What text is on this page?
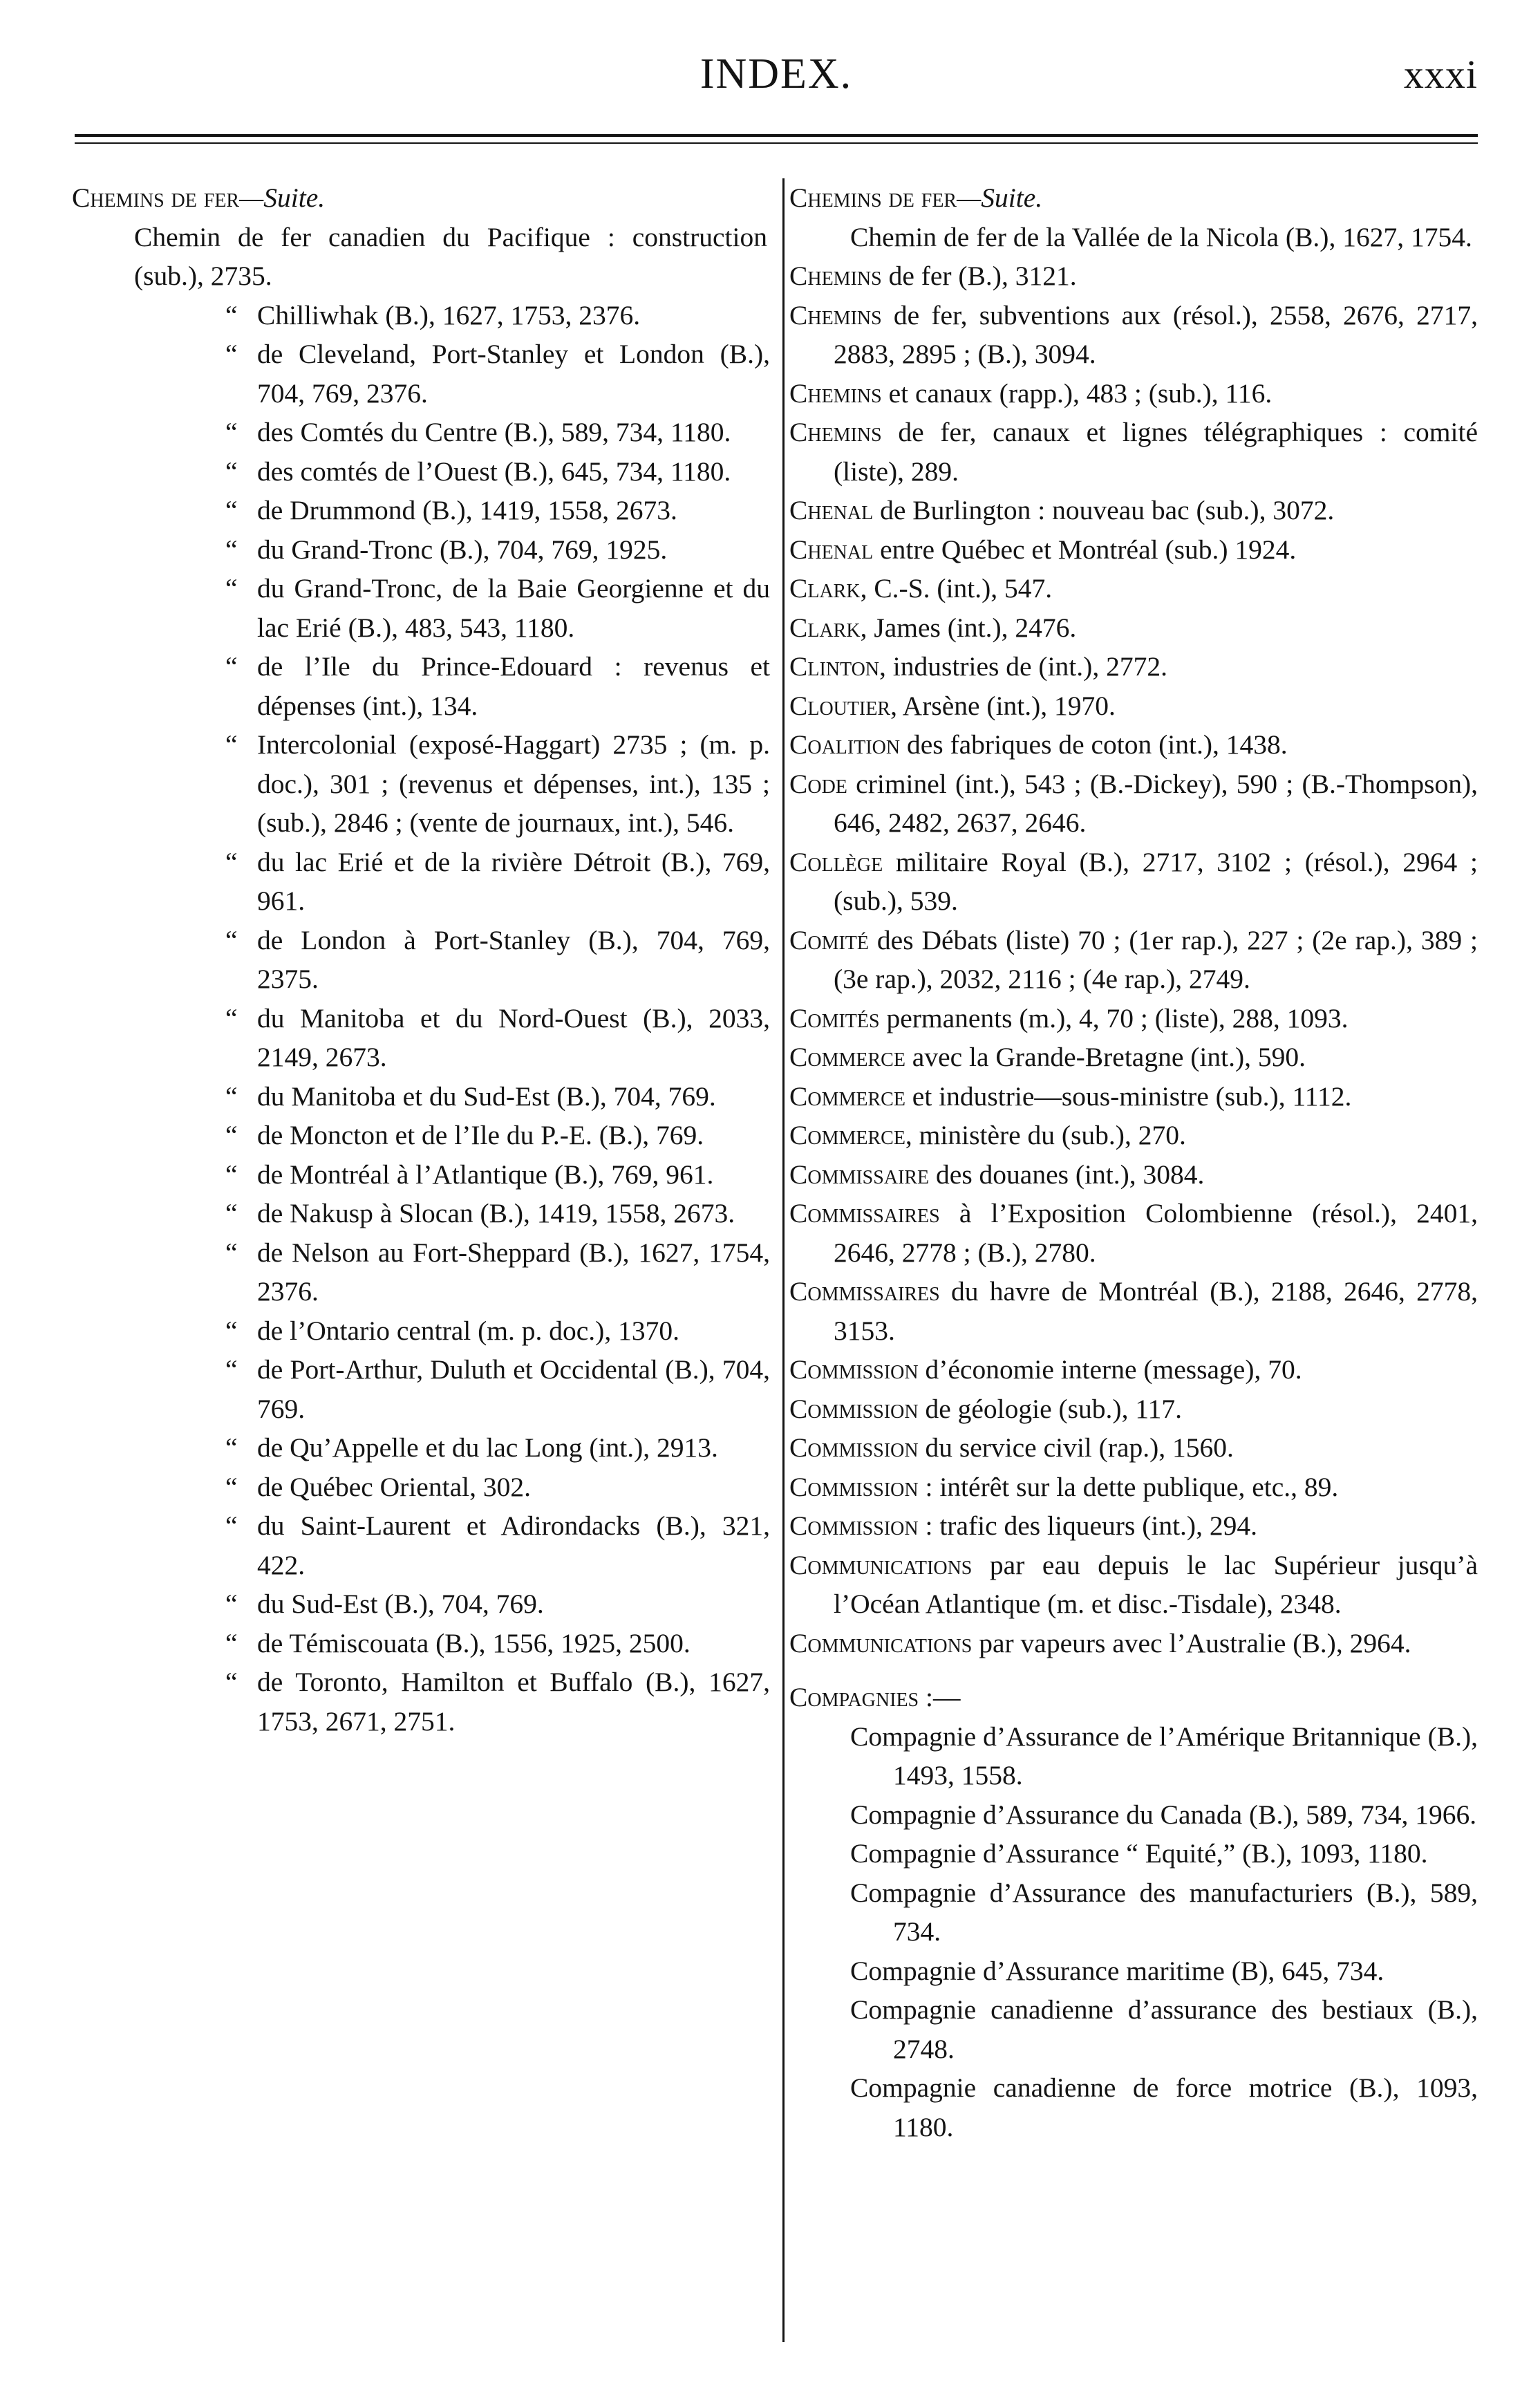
INDEX.	xxxi
Chemins de fer—Suite.
Chemin de fer canadien du Pacifique : construction (sub.), 2735.
“ Chilliwhak (B.), 1627, 1753, 2376.
“ de Cleveland, Port-Stanley et London (B.), 704, 769, 2376.
“ des Comtés du Centre (B.), 589, 734, 1180.
“ des comtés de l’Ouest (B.), 645, 734, 1180.
“ de Drummond (B.), 1419, 1558, 2673.
“ du Grand-Tronc (B.), 704, 769, 1925.
“ du Grand-Tronc, de la Baie Georgienne et du lac Erié (B.), 483, 543, 1180.
“ de l’Ile du Prince-Edouard : revenus et dépenses (int.), 134.
“ Intercolonial (exposé-Haggart) 2735 ; (m. p. doc.), 301 ; (revenus et dépenses, int.), 135 ; (sub.), 2846 ; (vente de journaux, int.), 546.
“ du lac Erié et de la rivière Détroit (B.), 769, 961.
“ de London à Port-Stanley (B.), 704, 769, 2375.
“ du Manitoba et du Nord-Ouest (B.), 2033, 2149, 2673.
“ du Manitoba et du Sud-Est (B.), 704, 769.
“ de Moncton et de l’Ile du P.-E. (B.), 769.
“ de Montréal à l’Atlantique (B.), 769, 961.
“ de Nakusp à Slocan (B.), 1419, 1558, 2673.
“ de Nelson au Fort-Sheppard (B.), 1627, 1754, 2376.
“ de l’Ontario central (m. p. doc.), 1370.
“ de Port-Arthur, Duluth et Occidental (B.), 704, 769.
“ de Qu’Appelle et du lac Long (int.), 2913.
“ de Québec Oriental, 302.
“ du Saint-Laurent et Adirondacks (B.), 321, 422.
“ du Sud-Est (B.), 704, 769.
“ de Témiscouata (B.), 1556, 1925, 2500.
“ de Toronto, Hamilton et Buffalo (B.), 1627, 1753, 2671, 2751.
Chemins de fer—Suite.
Chemin de fer de la Vallée de la Nicola (B.), 1627, 1754.
Chemins de fer (B.), 3121.
Chemins de fer, subventions aux (résol.), 2558, 2676, 2717, 2883, 2895 ; (B.), 3094.
Chemins et canaux (rapp.), 483 ; (sub.), 116.
Chemins de fer, canaux et lignes télégraphiques : comité (liste), 289.
Chenal de Burlington : nouveau bac (sub.), 3072.
Chenal entre Québec et Montréal (sub.) 1924.
Clark, C.-S. (int.), 547.
Clark, James (int.), 2476.
Clinton, industries de (int.), 2772.
Cloutier, Arsène (int.), 1970.
Coalition des fabriques de coton (int.), 1438.
Code criminel (int.), 543 ; (B.-Dickey), 590 ; (B.-Thompson), 646, 2482, 2637, 2646.
Collège militaire Royal (B.), 2717, 3102 ; (résol.), 2964 ; (sub.), 539.
Comité des Débats (liste) 70 ; (1er rap.), 227 ; (2e rap.), 389 ; (3e rap.), 2032, 2116 ; (4e rap.), 2749.
Comités permanents (m.), 4, 70 ; (liste), 288, 1093.
Commerce avec la Grande-Bretagne (int.), 590.
Commerce et industrie—sous-ministre (sub.), 1112.
Commerce, ministère du (sub.), 270.
Commissaire des douanes (int.), 3084.
Commissaires à l’Exposition Colombienne (résol.), 2401, 2646, 2778 ; (B.), 2780.
Commissaires du havre de Montréal (B.), 2188, 2646, 2778, 3153.
Commission d’économie interne (message), 70.
Commission de géologie (sub.), 117.
Commission du service civil (rap.), 1560.
Commission : intérêt sur la dette publique, etc., 89.
Commission : trafic des liqueurs (int.), 294.
Communications par eau depuis le lac Supérieur jusqu’à l’Océan Atlantique (m. et disc.-Tisdale), 2348.
Communications par vapeurs avec l’Australie (B.), 2964.
Compagnies :—
Compagnie d’Assurance de l’Amérique Britannique (B.), 1493, 1558.
Compagnie d’Assurance du Canada (B.), 589, 734, 1966.
Compagnie d’Assurance “ Equité,” (B.), 1093, 1180.
Compagnie d’Assurance des manufacturiers (B.), 589, 734.
Compagnie d’Assurance maritime (B), 645, 734.
Compagnie canadienne d’assurance des bestiaux (B.), 2748.
Compagnie canadienne de force motrice (B.), 1093, 1180.
